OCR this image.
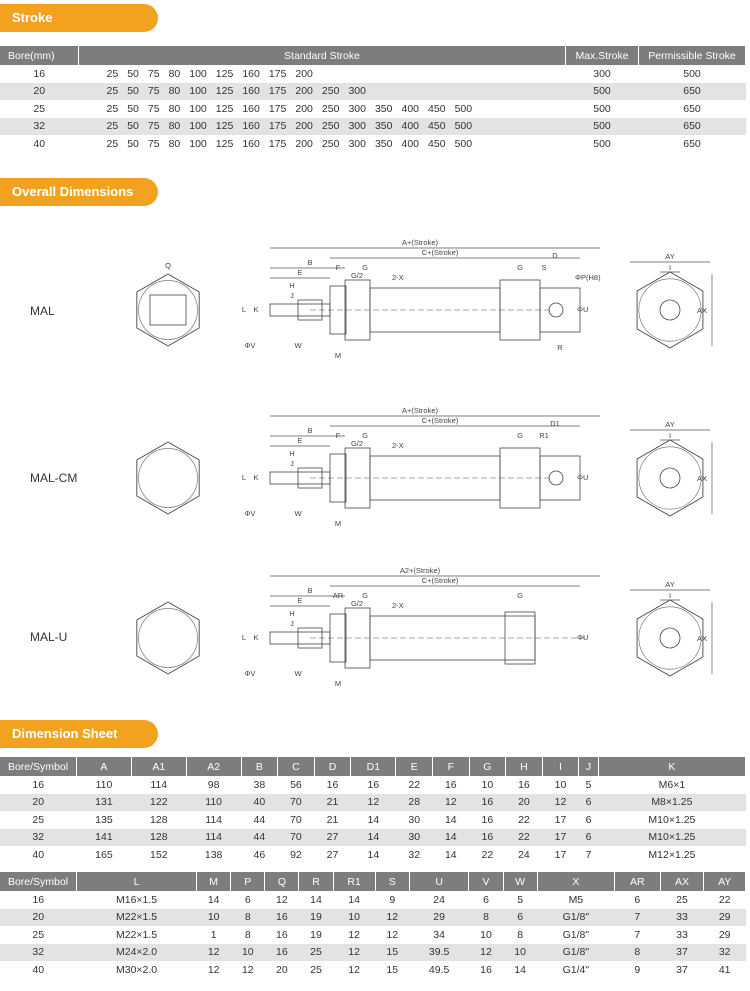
Stroke
Bore(mm)	Standard Stroke	Max.Stroke	Permissible Stroke
16	25 50 75 80 100 125 160 175 200	300	500
20	25 50 75 80 100 125 160 175 200 250 300	500	650
25	25 50 75 80 100 125 160 175 200 250 300 350 400 450 500	500	650
32	25 50 75 80 100 125 160 175 200 250 300 350 400 450 500	500	650
40	25 50 75 80 100 125 160 175 200 250 300 350 400 450 500	500	650
Overall Dimensions
MAL
MAL-CM
MAL-U
Q
A+(Stroke)
C+(Stroke)
B
E
F	G
G/2	2-X
H
J
G
D
S
L K
ΦV	W
M
ΦU
ΦP(H8)
R
AY
I
AX
A+(Stroke)
C+(Stroke)
B
E
F	G
G/2	2-X
H
J
G
D1
R1
L K
ΦV	W
M
ΦU
AY
I
AX
A2+(Stroke)
C+(Stroke)
B
E
AR	G
G/2	2-X
H
J
G
L K
ΦV	W
M
ΦU
AY
I
AX
Dimension Sheet
Bore/Symbol	A	A1	A2	B	C	D	D1	E	F	G	H	I	J	K
16	110	114	98	38	56	16	16	22	16	10	16	10	5	M6×1
20	131	122	110	40	70	21	12	28	12	16	20	12	6	M8×1.25
25	135	128	114	44	70	21	14	30	14	16	22	17	6	M10×1.25
32	141	128	114	44	70	27	14	30	14	16	22	17	6	M10×1.25
40	165	152	138	46	92	27	14	32	14	22	24	17	7	M12×1.25
Bore/Symbol	L	M	P	Q	R	R1	S	U	V	W	X	AR	AX	AY
16	M16×1.5	14	6	12	14	14	9	24	6	5	M5	6	25	22
20	M22×1.5	10	8	16	19	10	12	29	8	6	G1/8"	7	33	29
25	M22×1.5	1	8	16	19	12	12	34	10	8	G1/8"	7	33	29
32	M24×2.0	12	10	16	25	12	15	39.5	12	10	G1/8"	8	37	32
40	M30×2.0	12	12	20	25	12	15	49.5	16	14	G1/4"	9	37	41
